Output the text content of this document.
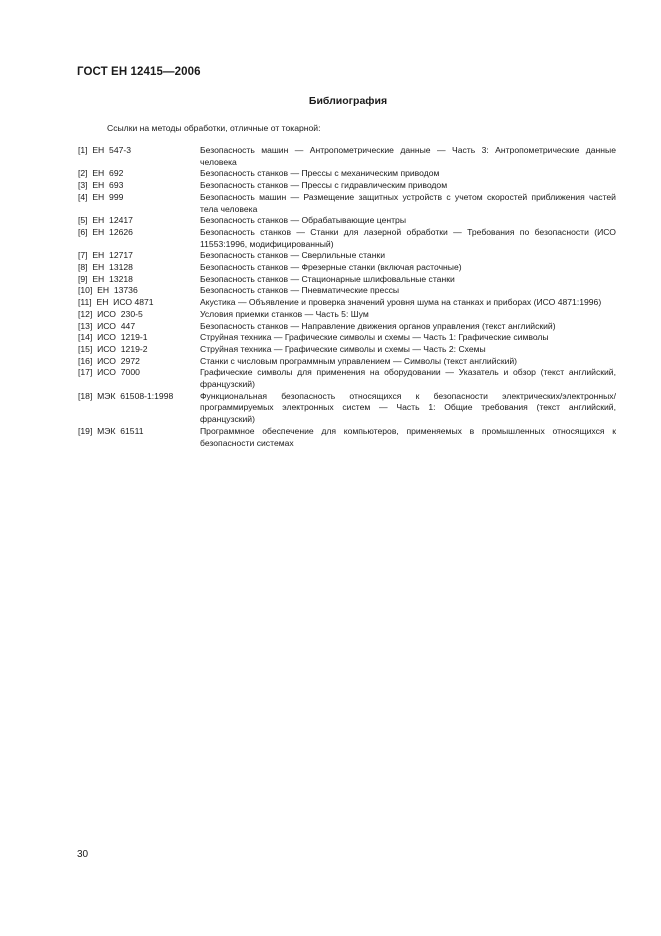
ГОСТ ЕН 12415—2006
Библиография
Ссылки на методы обработки, отличные от токарной:
[1]  ЕН  547-3	Безопасность машин — Антропометрические данные — Часть 3: Антропометрические данные человека
[2]  ЕН  692	Безопасность станков — Прессы с механическим приводом
[3]  ЕН  693	Безопасность станков — Прессы с гидравлическим приводом
[4]  ЕН  999	Безопасность машин — Размещение защитных устройств с учетом скоростей приближения частей тела человека
[5]  ЕН  12417	Безопасность станков — Обрабатывающие центры
[6]  ЕН  12626	Безопасность станков — Станки для лазерной обработки — Требования по безопасности (ИСО 11553:1996, модифицированный)
[7]  ЕН  12717	Безопасность станков — Сверлильные станки
[8]  ЕН  13128	Безопасность станков — Фрезерные станки (включая расточные)
[9]  ЕН  13218	Безопасность станков — Стационарные шлифовальные станки
[10]  ЕН  13736	Безопасность станков — Пневматические прессы
[11]  ЕН  ИСО 4871	Акустика — Объявление и проверка значений уровня шума на станках и приборах (ИСО 4871:1996)
[12]  ИСО  230-5	Условия приемки станков — Часть 5: Шум
[13]  ИСО  447	Безопасность станков — Направление движения органов управления (текст английский)
[14]  ИСО  1219-1	Струйная техника — Графические символы и схемы — Часть 1: Графические символы
[15]  ИСО  1219-2	Струйная техника — Графические символы и схемы — Часть 2: Схемы
[16]  ИСО  2972	Станки с числовым программным управлением — Символы (текст английский)
[17]  ИСО  7000	Графические символы для применения на оборудовании — Указатель и обзор (текст английский, французский)
[18]  МЭК  61508-1:1998	Функциональная безопасность относящихся к безопасности электрических/электронных/программируемых электронных систем — Часть 1: Общие требования (текст английский, французский)
[19]  МЭК  61511	Программное обеспечение для компьютеров, применяемых в промышленных относящихся к безопасности системах
30
